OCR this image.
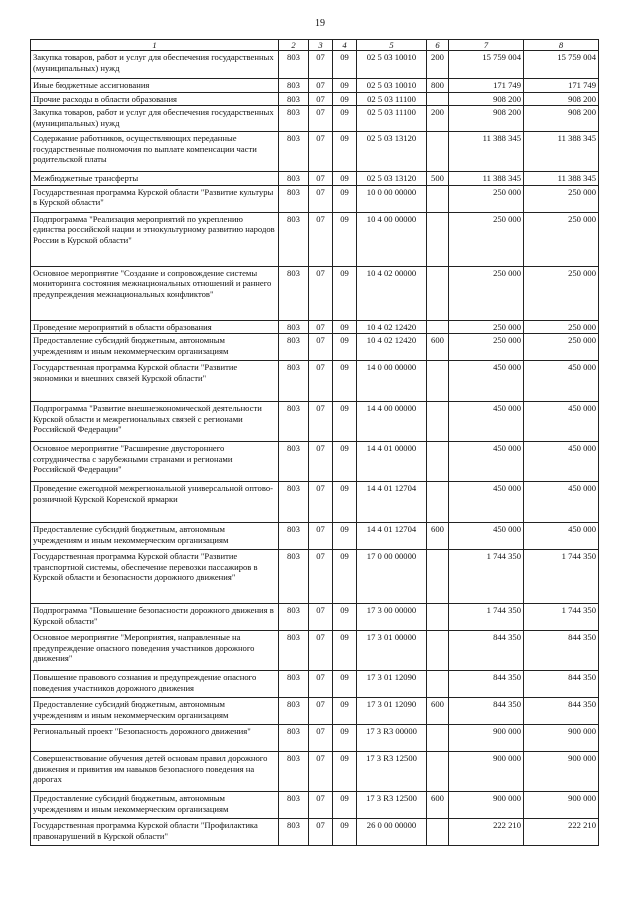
19
1	2	3	4	5	6	7	8
Закупка товаров, работ и услуг для обеспечения государственных (муниципальных) нужд	803	07	09	02 5 03 10010	200	15 759 004	15 759 004
Иные бюджетные ассигнования	803	07	09	02 5 03 10010	800	171 749	171 749
Прочие расходы в области образования	803	07	09	02 5 03 11100		908 200	908 200
Закупка товаров, работ и услуг для обеспечения государственных (муниципальных) нужд	803	07	09	02 5 03 11100	200	908 200	908 200
Содержание работников, осуществляющих переданные государственные полномочия по выплате компенсации части родительской платы	803	07	09	02 5 03 13120		11 388 345	11 388 345
Межбюджетные трансферты	803	07	09	02 5 03 13120	500	11 388 345	11 388 345
Государственная программа Курской области "Развитие культуры в Курской области"	803	07	09	10 0 00 00000		250 000	250 000
Подпрограмма "Реализация мероприятий по укреплению единства российской нации и этнокультурному развитию народов России в Курской области"	803	07	09	10 4 00 00000		250 000	250 000
Основное мероприятие "Создание и сопровождение системы мониторинга состояния межнациональных отношений и раннего предупреждения межнациональных конфликтов"	803	07	09	10 4 02 00000		250 000	250 000
Проведение мероприятий в области образования	803	07	09	10 4 02 12420		250 000	250 000
Предоставление субсидий бюджетным, автономным учреждениям и иным некоммерческим организациям	803	07	09	10 4 02 12420	600	250 000	250 000
Государственная программа Курской области "Развитие экономики и внешних связей Курской области"	803	07	09	14 0 00 00000		450 000	450 000
Подпрограмма "Развитие внешнеэкономической деятельности Курской области и межрегиональных связей с регионами Российской Федерации"	803	07	09	14 4 00 00000		450 000	450 000
Основное мероприятие "Расширение двустороннего сотрудничества с зарубежными странами и регионами Российской Федерации"	803	07	09	14 4 01 00000		450 000	450 000
Проведение ежегодной межрегиональной универсальной оптово-розничной Курской Коренской ярмарки	803	07	09	14 4 01 12704		450 000	450 000
Предоставление субсидий бюджетным, автономным учреждениям и иным некоммерческим организациям	803	07	09	14 4 01 12704	600	450 000	450 000
Государственная программа Курской области "Развитие транспортной системы, обеспечение перевозки пассажиров в Курской области и безопасности дорожного движения"	803	07	09	17 0 00 00000		1 744 350	1 744 350
Подпрограмма "Повышение безопасности дорожного движения в Курской области"	803	07	09	17 3 00 00000		1 744 350	1 744 350
Основное мероприятие "Мероприятия, направленные на предупреждение опасного поведения участников дорожного движения"	803	07	09	17 3 01 00000		844 350	844 350
Повышение правового сознания и предупреждение опасного поведения участников дорожного движения	803	07	09	17 3 01 12090		844 350	844 350
Предоставление субсидий бюджетным, автономным учреждениям и иным некоммерческим организациям	803	07	09	17 3 01 12090	600	844 350	844 350
Региональный проект "Безопасность дорожного движения"	803	07	09	17 3 R3 00000		900 000	900 000
Совершенствование обучения детей основам правил дорожного движения и привития им навыков безопасного поведения на дорогах	803	07	09	17 3 R3 12500		900 000	900 000
Предоставление субсидий бюджетным, автономным учреждениям и иным некоммерческим организациям	803	07	09	17 3 R3 12500	600	900 000	900 000
Государственная программа Курской области "Профилактика правонарушений в Курской области"	803	07	09	26 0 00 00000		222 210	222 210
